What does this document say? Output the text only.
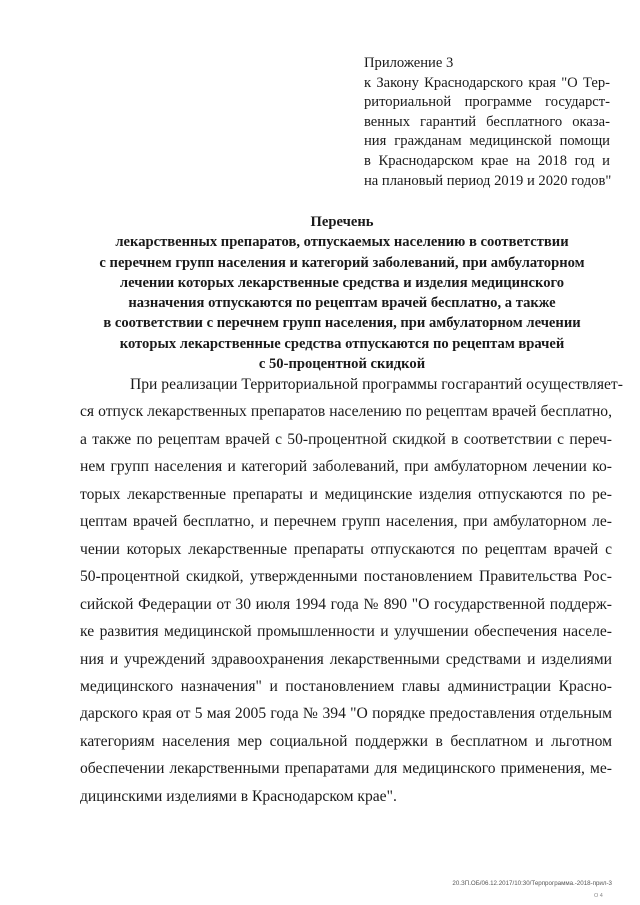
Приложение 3
к Закону Краснодарского края "О Тер-
риториальной программе государст-
венных гарантий бесплатного оказа-
ния гражданам медицинской помощи
в Краснодарском крае на 2018 год и
на плановый период 2019 и 2020 годов"
Перечень
лекарственных препаратов, отпускаемых населению в соответствии
с перечнем групп населения и категорий заболеваний, при амбулаторном
лечении которых лекарственные средства и изделия медицинского
назначения отпускаются по рецептам врачей бесплатно, а также
в соответствии с перечнем групп населения, при амбулаторном лечении
которых лекарственные средства отпускаются по рецептам врачей
с 50-процентной скидкой
При реализации Территориальной программы госгарантий осуществляет-
ся отпуск лекарственных препаратов населению по рецептам врачей бесплатно,
а также по рецептам врачей с 50-процентной скидкой в соответствии с переч-
нем групп населения и категорий заболеваний, при амбулаторном лечении ко-
торых лекарственные препараты и медицинские изделия отпускаются по ре-
цептам врачей бесплатно, и перечнем групп населения, при амбулаторном ле-
чении которых лекарственные препараты отпускаются по рецептам врачей с
50-процентной скидкой, утвержденными постановлением Правительства Рос-
сийской Федерации от 30 июля 1994 года № 890 "О государственной поддерж-
ке развития медицинской промышленности и улучшении обеспечения населе-
ния и учреждений здравоохранения лекарственными средствами и изделиями
медицинского назначения" и постановлением главы администрации Красно-
дарского края от 5 мая 2005 года № 394 "О порядке предоставления отдельным
категориям населения мер социальной поддержки в бесплатном и льготном
обеспечении лекарственными препаратами для медицинского применения, ме-
дицинскими изделиями в Краснодарском крае".
20.ЗП.ОБ/06.12.2017/10:30/Терпрограмма.-2018-прил-3
О 4
